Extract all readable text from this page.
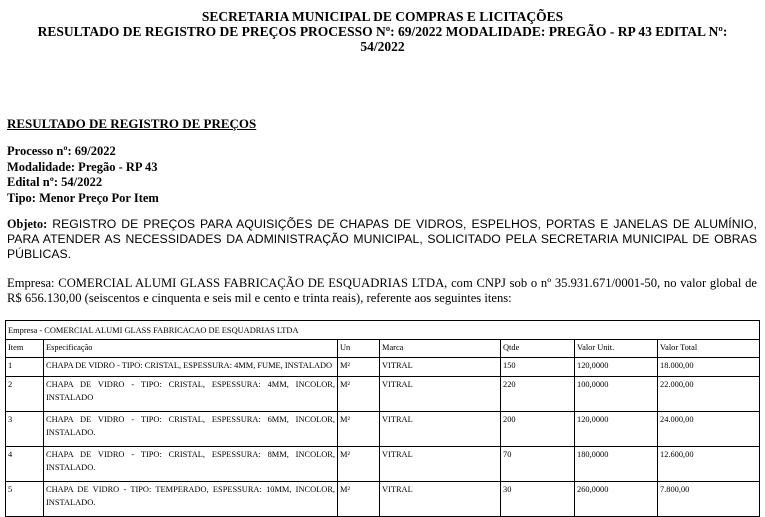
SECRETARIA MUNICIPAL DE COMPRAS E LICITAÇÕES
RESULTADO DE REGISTRO DE PREÇOS PROCESSO Nº: 69/2022 MODALIDADE: PREGÃO - RP 43 EDITAL Nº:
54/2022
RESULTADO DE REGISTRO DE PREÇOS
Processo nº: 69/2022
Modalidade: Pregão - RP 43
Edital nº: 54/2022
Tipo: Menor Preço Por Item
Objeto: REGISTRO DE PREÇOS PARA AQUISIÇÕES DE CHAPAS DE VIDROS, ESPELHOS, PORTAS E JANELAS DE ALUMÍNIO, PARA ATENDER AS NECESSIDADES DA ADMINISTRAÇÃO MUNICIPAL, SOLICITADO PELA SECRETARIA MUNICIPAL DE OBRAS PÚBLICAS.
Empresa: COMERCIAL ALUMI GLASS FABRICAÇÃO DE ESQUADRIAS LTDA, com CNPJ sob o nº 35.931.671/0001-50, no valor global de R$ 656.130,00 (seiscentos e cinquenta e seis mil e cento e trinta reais), referente aos seguintes itens:
Empresa - COMERCIAL ALUMI GLASS FABRICACAO DE ESQUADRIAS LTDA						
Item	Especificação	Un	Marca	Qtde	Valor Unit.	Valor Total
1	CHAPA DE VIDRO - TIPO: CRISTAL, ESPESSURA: 4MM, FUME, INSTALADO	M²	VITRAL	150	120,0000	18.000,00
2	CHAPA DE VIDRO - TIPO: CRISTAL, ESPESSURA: 4MM, INCOLOR, INSTALADO	M²	VITRAL	220	100,0000	22.000,00
3	CHAPA DE VIDRO - TIPO: CRISTAL, ESPESSURA: 6MM, INCOLOR, INSTALADO.	M²	VITRAL	200	120,0000	24.000,00
4	CHAPA DE VIDRO - TIPO: CRISTAL, ESPESSURA: 8MM, INCOLOR, INSTALADO.	M²	VITRAL	70	180,0000	12.600,00
5	CHAPA DE VIDRO - TIPO: TEMPERADO, ESPESSURA: 10MM, INCOLOR, INSTALADO.	M²	VITRAL	30	260,0000	7.800,00
